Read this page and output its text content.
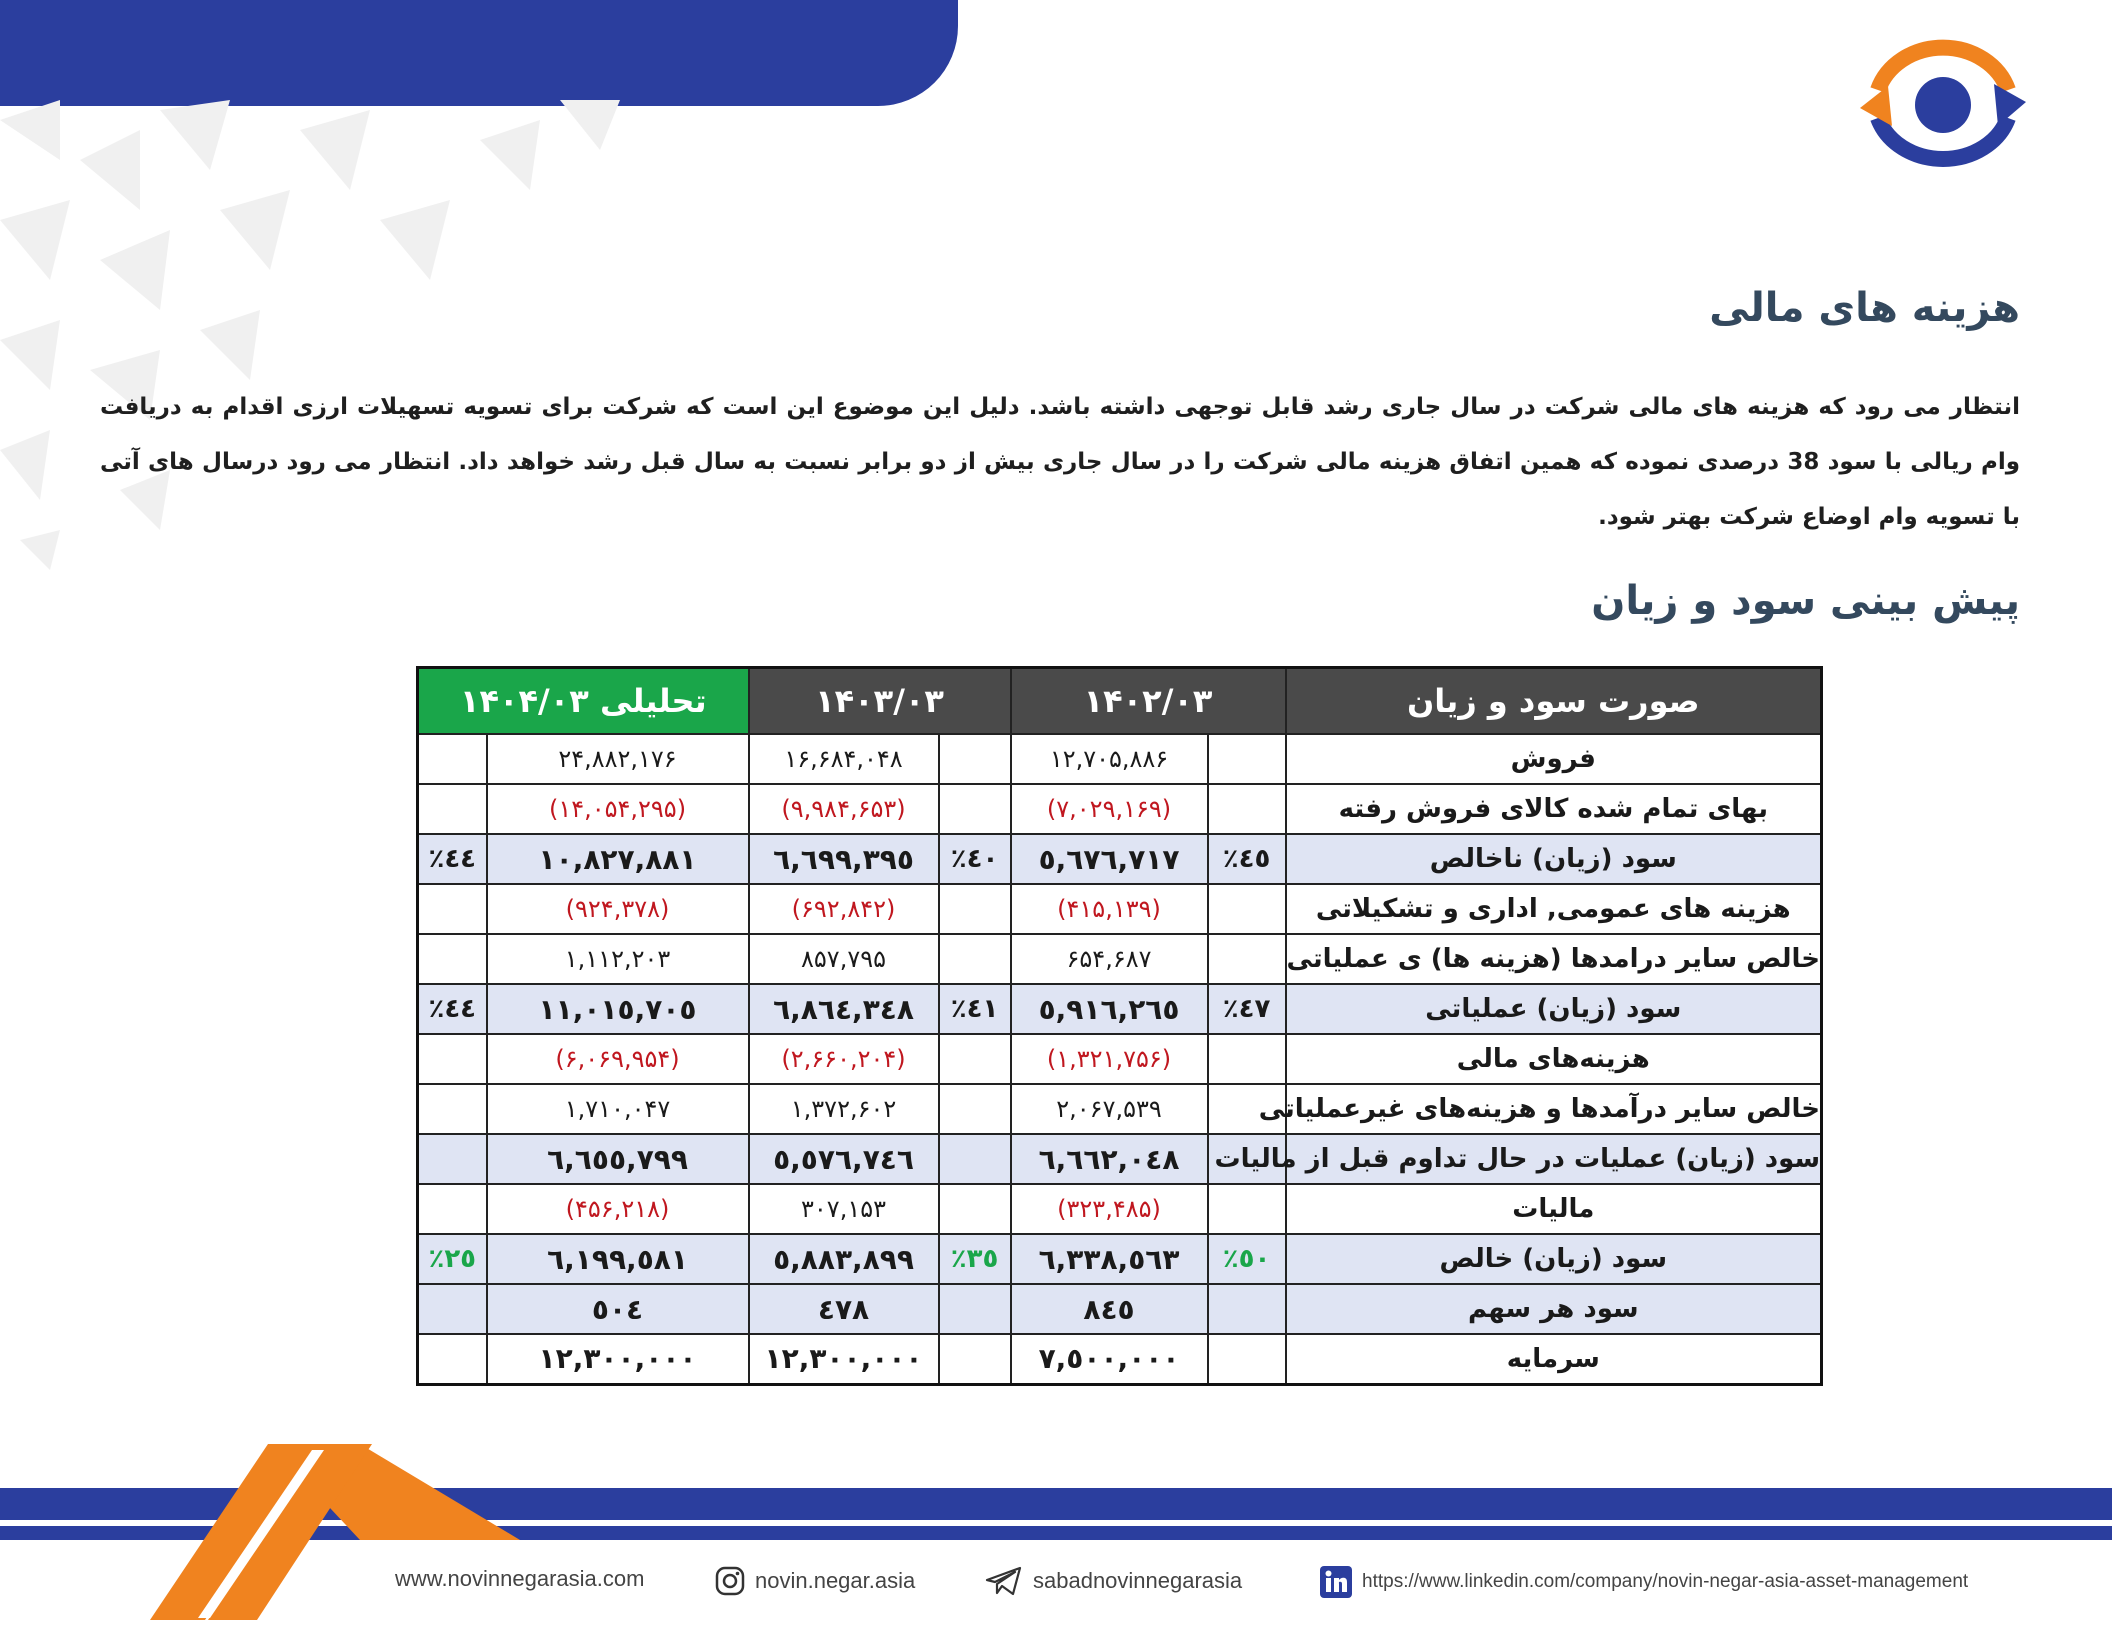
هزینه های مالی

انتظار می رود که هزینه های مالی شرکت در سال جاری رشد قابل توجهی داشته باشد. دلیل این موضوع این است که شرکت برای تسویه تسهیلات ارزی اقدام به دریافت وام ریالی با سود 38 درصدی نموده که همین اتفاق هزینه مالی شرکت را در سال جاری بیش از دو برابر نسبت به سال قبل رشد خواهد داد. انتظار می رود درسال های آتی با تسویه وام اوضاع شرکت بهتر شود.

پیش بینی سود و زیان
صورت سود و زیان	۱۴۰۲/۰۳		۱۴۰۳/۰۳		تحلیلی ۱۴۰۴/۰۳	
فروش		۱۲,۷۰۵,۸۸۶		۱۶,۶۸۴,۰۴۸	۲۴,۸۸۲,۱۷۶	
بهای تمام شده کالای فروش رفته		(۷,۰۲۹,۱۶۹)		(۹,۹۸۴,۶۵۳)	(۱۴,۰۵۴,۲۹۵)	
سود (زیان) ناخالص	٤٥٪	٥,٦٧٦,٧١٧	٤٠٪	٦,٦٩٩,٣٩٥	١٠,٨٢٧,٨٨١	٤٤٪
هزینه های عمومی, اداری و تشکیلاتی		(۴۱۵,۱۳۹)		(۶۹۲,۸۴۲)	(۹۲۴,۳۷۸)	
خالص سایر درامدها (هزینه ها) ی عملیاتی		۶۵۴,۶۸۷		۸۵۷,۷۹۵	۱,۱۱۲,۲۰۳	
سود (زیان) عملیاتی	٤٧٪	٥,٩١٦,٢٦٥	٤١٪	٦,٨٦٤,٣٤٨	١١,٠١٥,٧٠٥	٤٤٪
هزینه‌های مالی		(۱,۳۲۱,۷۵۶)		(۲,۶۶۰,۲۰۴)	(۶,۰۶۹,۹۵۴)	
خالص سایر درآمدها و هزینه‌های غیرعملیاتی		۲,۰۶۷,۵۳۹		۱,۳۷۲,۶۰۲	۱,۷۱۰,۰۴۷	
سود (زیان) عملیات در حال تداوم قبل از مالیات		٦,٦٦٢,٠٤٨		٥,٥٧٦,٧٤٦	٦,٦٥٥,٧٩٩	
مالیات		(۳۲۳,۴۸۵)		۳۰۷,۱۵۳	(۴۵۶,۲۱۸)	
سود (زیان) خالص	٥٠٪	٦,٣٣٨,٥٦٣	٣٥٪	٥,٨٨٣,٨٩٩	٦,١٩٩,٥٨١	٢٥٪
سود هر سهم		٨٤٥		٤٧٨	٥٠٤	
سرمایه		٧,٥٠٠,٠٠٠		١٢,٣٠٠,٠٠٠	١٢,٣٠٠,٠٠٠	
www.novinnegarasia.com	novin.negar.asia	sabadnovinnegarasia	https://www.linkedin.com/company/novin-negar-asia-asset-management
